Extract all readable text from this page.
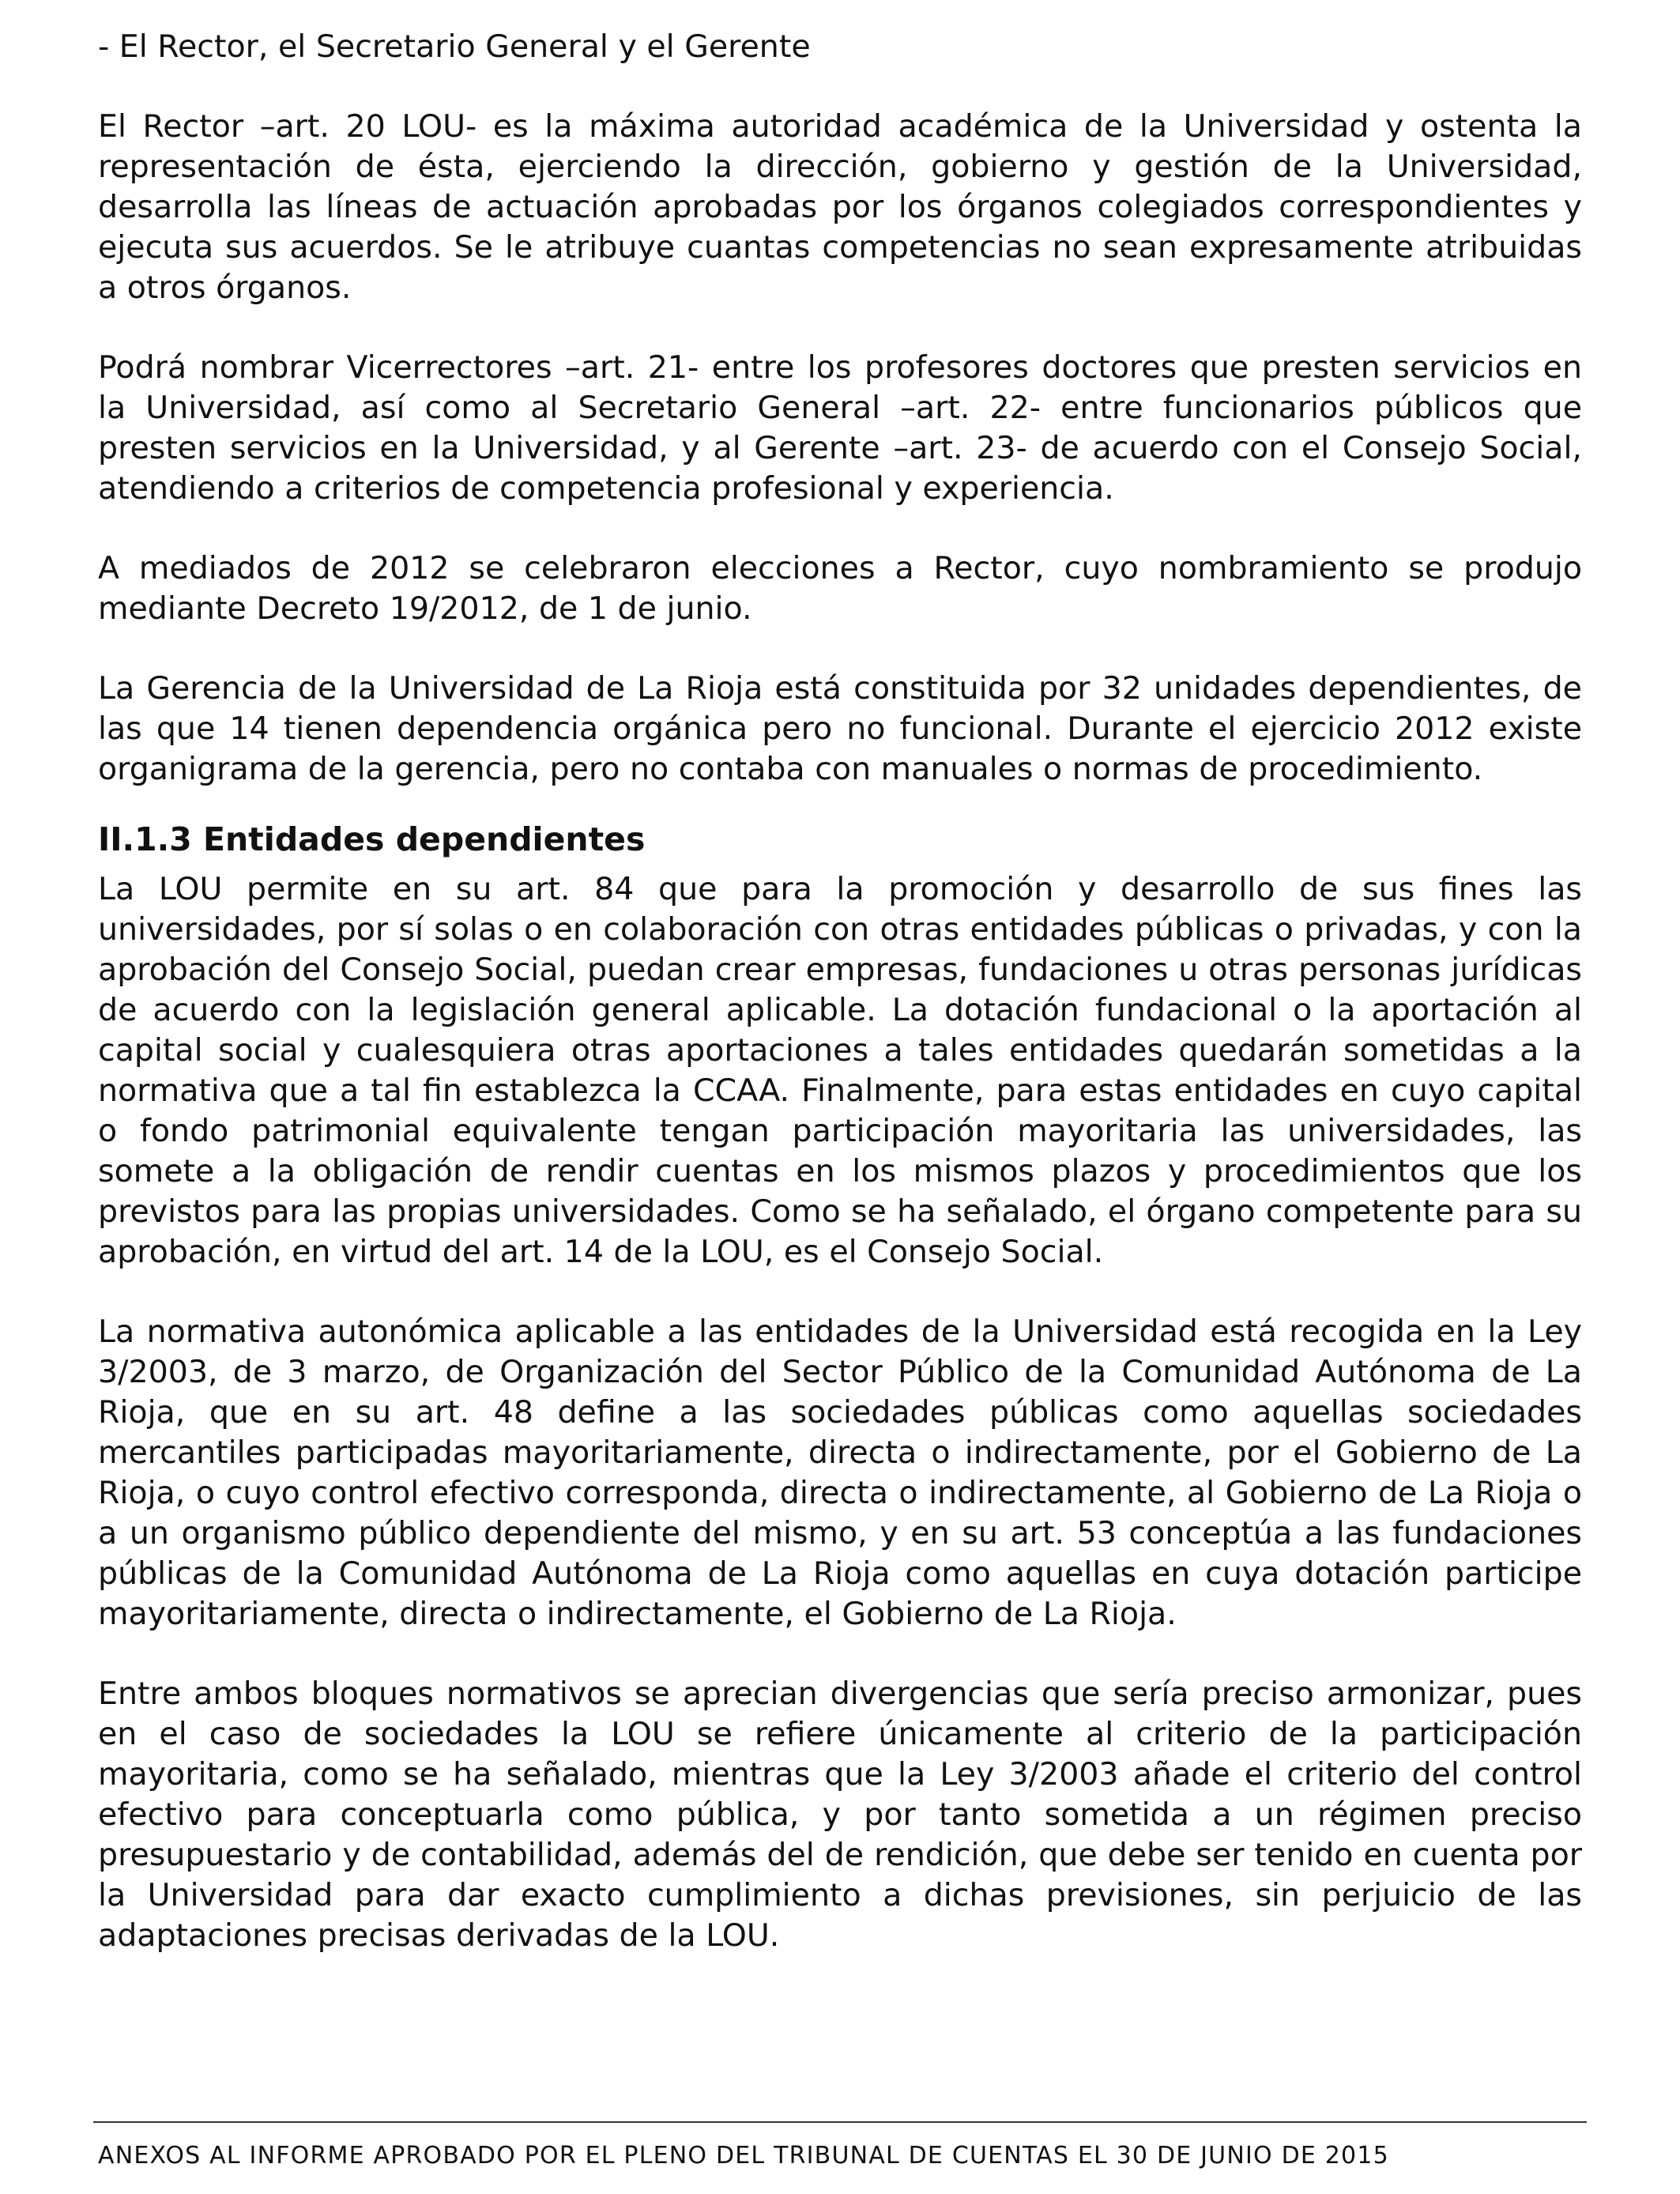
- El Rector, el Secretario General y el Gerente

El Rector –art. 20 LOU- es la máxima autoridad académica de la Universidad y ostenta la representación de ésta, ejerciendo la dirección, gobierno y gestión de la Universidad, desarrolla las líneas de actuación aprobadas por los órganos colegiados correspondientes y ejecuta sus acuerdos. Se le atribuye cuantas competencias no sean expresamente atribuidas a otros órganos.

Podrá nombrar Vicerrectores –art. 21- entre los profesores doctores que presten servicios en la Universidad, así como al Secretario General –art. 22- entre funcionarios públicos que presten servicios en la Universidad, y al Gerente –art. 23- de acuerdo con el Consejo Social, atendiendo a criterios de competencia profesional y experiencia.

A mediados de 2012 se celebraron elecciones a Rector, cuyo nombramiento se produjo mediante Decreto 19/2012, de 1 de junio.

La Gerencia de la Universidad de La Rioja está constituida por 32 unidades dependientes, de las que 14 tienen dependencia orgánica pero no funcional. Durante el ejercicio 2012 existe organigrama de la gerencia, pero no contaba con manuales o normas de procedimiento.

II.1.3 Entidades dependientes

La LOU permite en su art. 84 que para la promoción y desarrollo de sus fines las universidades, por sí solas o en colaboración con otras entidades públicas o privadas, y con la aprobación del Consejo Social, puedan crear empresas, fundaciones u otras personas jurídicas de acuerdo con la legislación general aplicable. La dotación fundacional o la aportación al capital social y cualesquiera otras aportaciones a tales entidades quedarán sometidas a la normativa que a tal fin establezca la CCAA. Finalmente, para estas entidades en cuyo capital o fondo patrimonial equivalente tengan participación mayoritaria las universidades, las somete a la obligación de rendir cuentas en los mismos plazos y procedimientos que los previstos para las propias universidades. Como se ha señalado, el órgano competente para su aprobación, en virtud del art. 14 de la LOU, es el Consejo Social.

La normativa autonómica aplicable a las entidades de la Universidad está recogida en la Ley 3/2003, de 3 marzo, de Organización del Sector Público de la Comunidad Autónoma de La Rioja, que en su art. 48 define a las sociedades públicas como aquellas sociedades mercantiles participadas mayoritariamente, directa o indirectamente, por el Gobierno de La Rioja, o cuyo control efectivo corresponda, directa o indirectamente, al Gobierno de La Rioja o a un organismo público dependiente del mismo, y en su art. 53 conceptúa a las fundaciones públicas de la Comunidad Autónoma de La Rioja como aquellas en cuya dotación participe mayoritariamente, directa o indirectamente, el Gobierno de La Rioja.

Entre ambos bloques normativos se aprecian divergencias que sería preciso armonizar, pues en el caso de sociedades la LOU se refiere únicamente al criterio de la participación mayoritaria, como se ha señalado, mientras que la Ley 3/2003 añade el criterio del control efectivo para conceptuarla como pública, y por tanto sometida a un régimen preciso presupuestario y de contabilidad, además del de rendición, que debe ser tenido en cuenta por la Universidad para dar exacto cumplimiento a dichas previsiones, sin perjuicio de las adaptaciones precisas derivadas de la LOU.

ANEXOS AL INFORME APROBADO POR EL PLENO DEL TRIBUNAL DE CUENTAS EL 30 DE JUNIO DE 2015
